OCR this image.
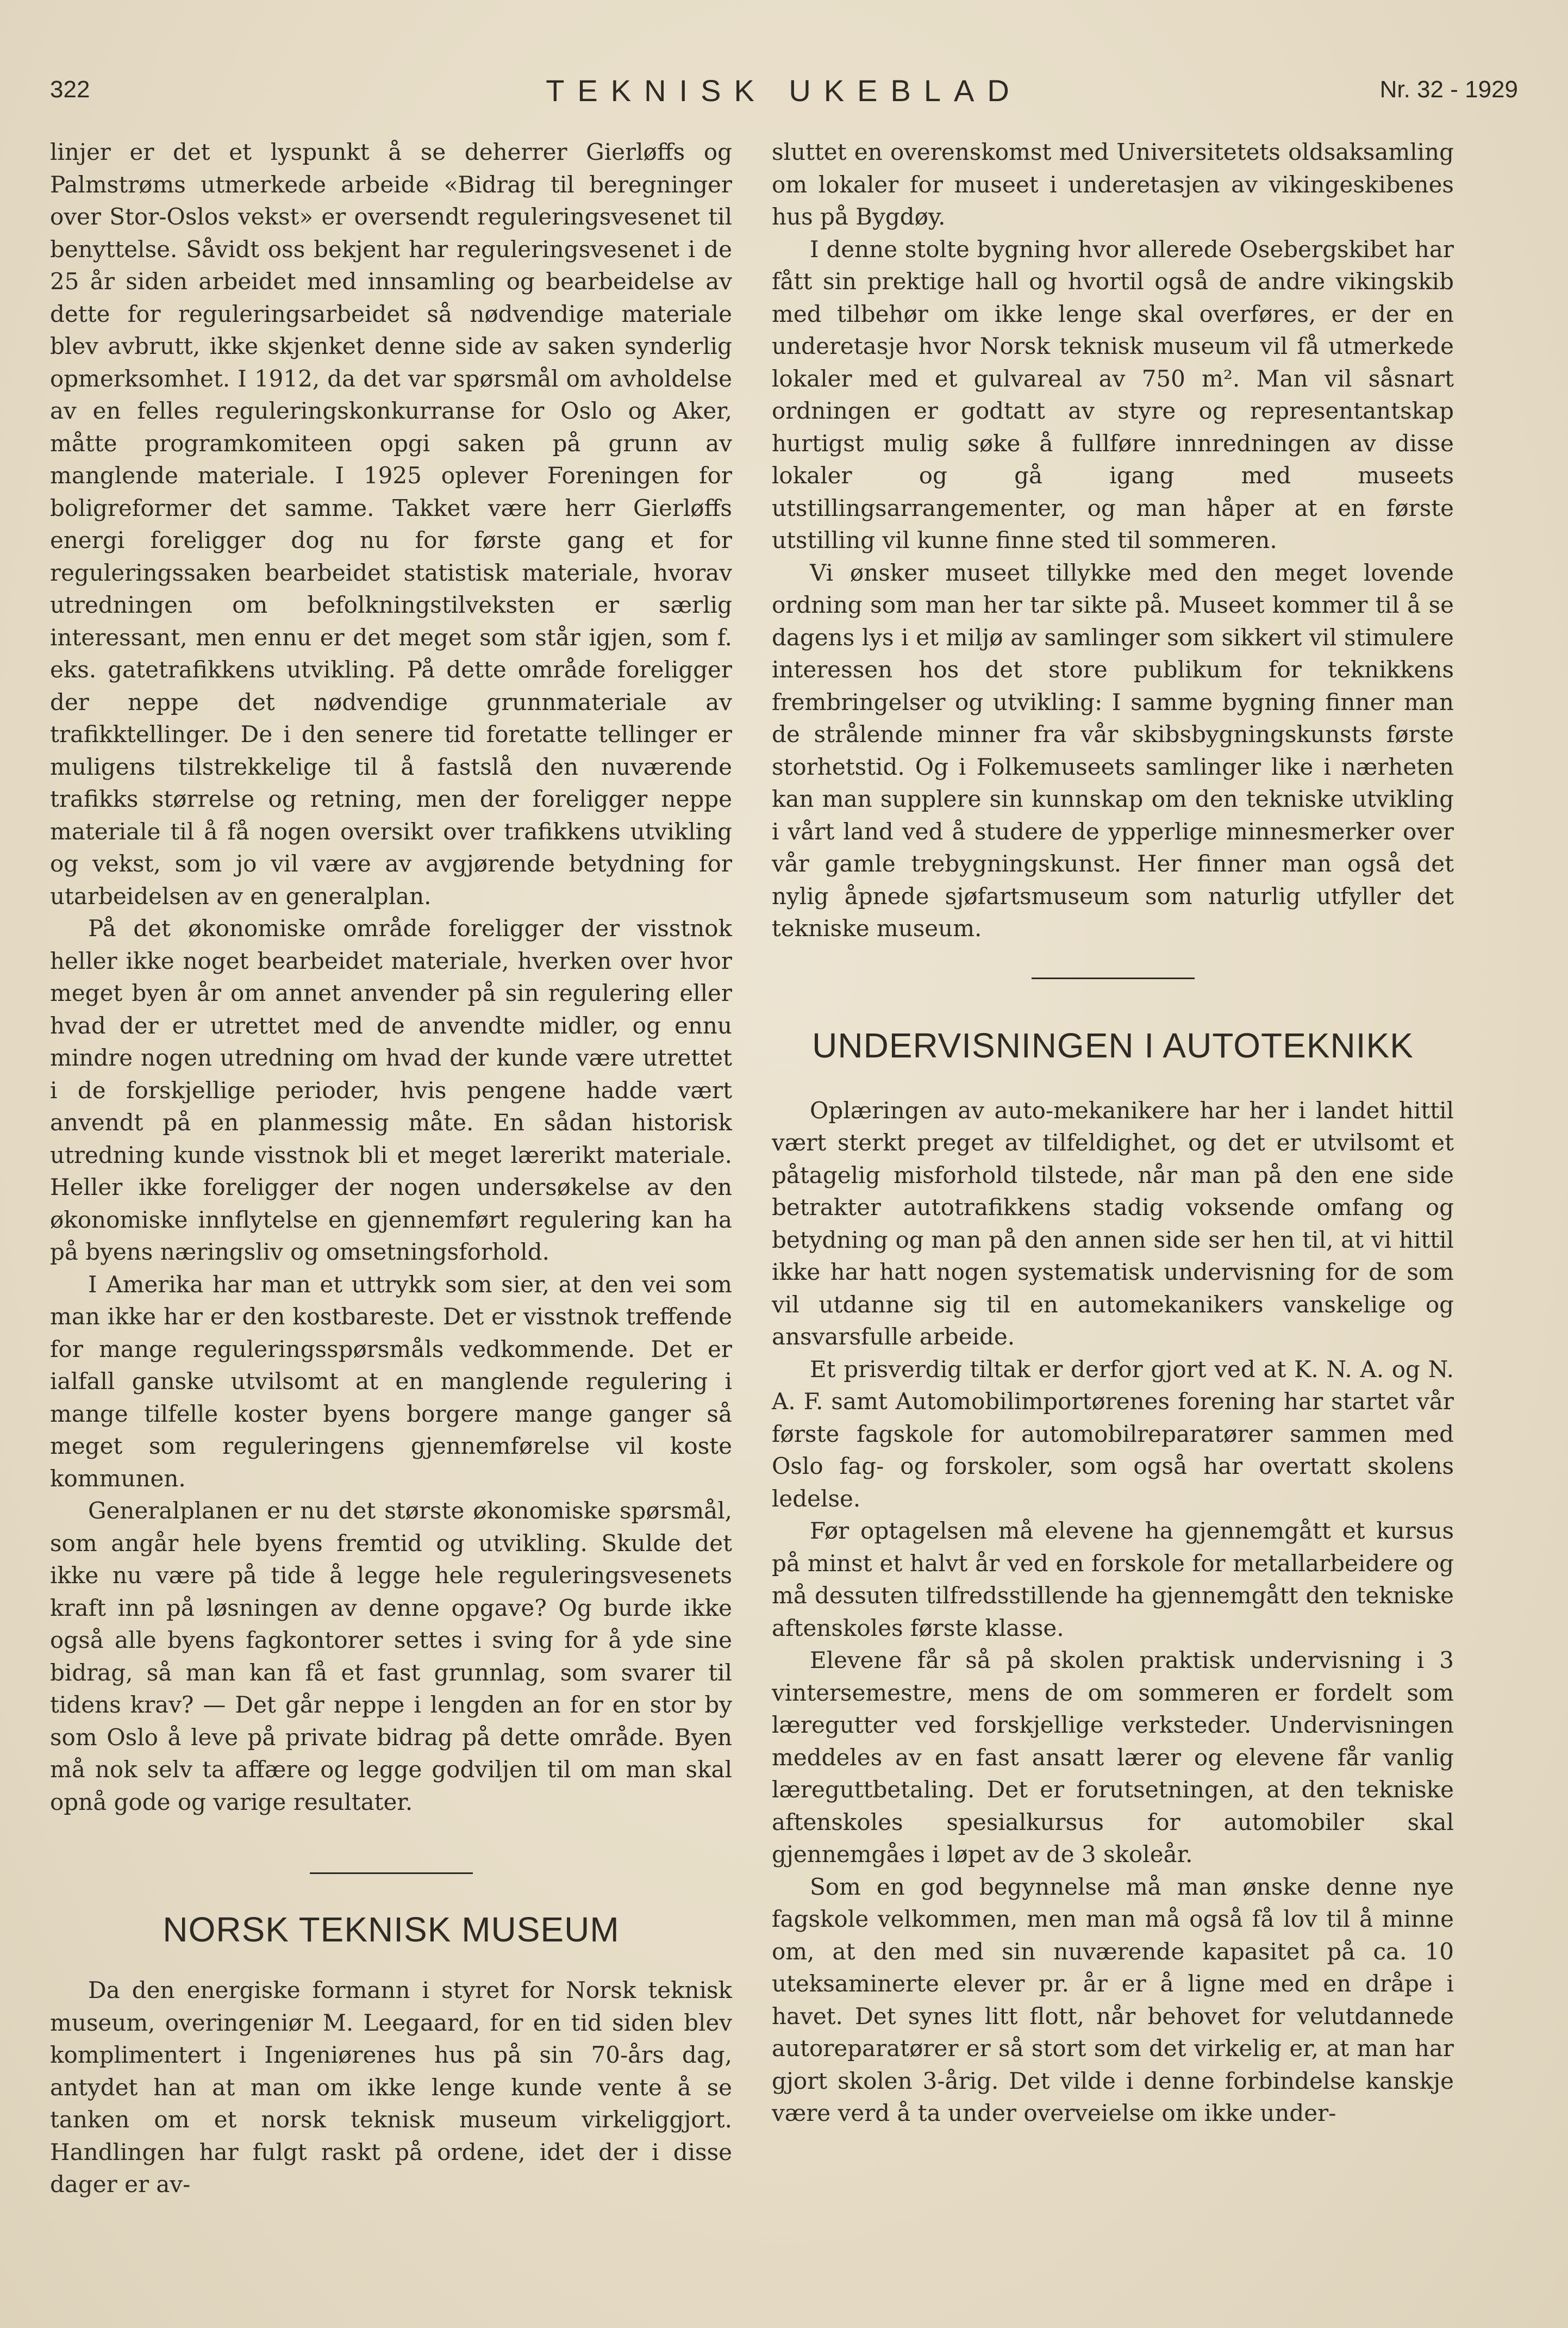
322	TEKNISK UKEBLAD	Nr. 32 - 1929

linjer er det et lyspunkt å se deherrer Gierløffs og Palmstrøms utmerkede arbeide «Bidrag til beregninger over Stor-Oslos vekst» er oversendt reguleringsvesenet til benyttelse. Såvidt oss bekjent har reguleringsvesenet i de 25 år siden arbeidet med innsamling og bearbeidelse av dette for reguleringsarbeidet så nødvendige materiale blev avbrutt, ikke skjenket denne side av saken synderlig opmerksomhet. I 1912, da det var spørsmål om avholdelse av en felles reguleringskonkurranse for Oslo og Aker, måtte programkomiteen opgi saken på grunn av manglende materiale. I 1925 oplever Foreningen for boligreformer det samme. Takket være herr Gierløffs energi foreligger dog nu for første gang et for reguleringssaken bearbeidet statistisk materiale, hvorav utredningen om befolkningstilveksten er særlig interessant, men ennu er det meget som står igjen, som f. eks. gatetrafikkens utvikling. På dette område foreligger der neppe det nødvendige grunnmateriale av trafikktellinger. De i den senere tid foretatte tellinger er muligens tilstrekkelige til å fastslå den nuværende trafikks størrelse og retning, men der foreligger neppe materiale til å få nogen oversikt over trafikkens utvikling og vekst, som jo vil være av avgjørende betydning for utarbeidelsen av en generalplan.

På det økonomiske område foreligger der visstnok heller ikke noget bearbeidet materiale, hverken over hvor meget byen år om annet anvender på sin regulering eller hvad der er utrettet med de anvendte midler, og ennu mindre nogen utredning om hvad der kunde være utrettet i de forskjellige perioder, hvis pengene hadde vært anvendt på en planmessig måte. En sådan historisk utredning kunde visstnok bli et meget lærerikt materiale. Heller ikke foreligger der nogen undersøkelse av den økonomiske innflytelse en gjennemført regulering kan ha på byens næringsliv og omsetningsforhold.

I Amerika har man et uttrykk som sier, at den vei som man ikke har er den kostbareste. Det er visstnok treffende for mange reguleringsspørsmåls vedkommende. Det er ialfall ganske utvilsomt at en manglende regulering i mange tilfelle koster byens borgere mange ganger så meget som reguleringens gjennemførelse vil koste kommunen.

Generalplanen er nu det største økonomiske spørsmål, som angår hele byens fremtid og utvikling. Skulde det ikke nu være på tide å legge hele reguleringsvesenets kraft inn på løsningen av denne opgave? Og burde ikke også alle byens fagkontorer settes i sving for å yde sine bidrag, så man kan få et fast grunnlag, som svarer til tidens krav? — Det går neppe i lengden an for en stor by som Oslo å leve på private bidrag på dette område. Byen må nok selv ta affære og legge godviljen til om man skal opnå gode og varige resultater.

NORSK TEKNISK MUSEUM

Da den energiske formann i styret for Norsk teknisk museum, overingeniør M. Leegaard, for en tid siden blev komplimentert i Ingeniørenes hus på sin 70-års dag, antydet han at man om ikke lenge kunde vente å se tanken om et norsk teknisk museum virkeliggjort. Handlingen har fulgt raskt på ordene, idet der i disse dager er av-

sluttet en overenskomst med Universitetets oldsaksamling om lokaler for museet i underetasjen av vikingeskibenes hus på Bygdøy.

I denne stolte bygning hvor allerede Osebergskibet har fått sin prektige hall og hvortil også de andre vikingskib med tilbehør om ikke lenge skal overføres, er der en underetasje hvor Norsk teknisk museum vil få utmerkede lokaler med et gulvareal av 750 m². Man vil såsnart ordningen er godtatt av styre og representantskap hurtigst mulig søke å fullføre innredningen av disse lokaler og gå igang med museets utstillingsarrangementer, og man håper at en første utstilling vil kunne finne sted til sommeren.

Vi ønsker museet tillykke med den meget lovende ordning som man her tar sikte på. Museet kommer til å se dagens lys i et miljø av samlinger som sikkert vil stimulere interessen hos det store publikum for teknikkens frembringelser og utvikling: I samme bygning finner man de strålende minner fra vår skibsbygningskunsts første storhetstid. Og i Folkemuseets samlinger like i nærheten kan man supplere sin kunnskap om den tekniske utvikling i vårt land ved å studere de ypperlige minnesmerker over vår gamle trebygningskunst. Her finner man også det nylig åpnede sjøfartsmuseum som naturlig utfyller det tekniske museum.

UNDERVISNINGEN I AUTOTEKNIKK

Oplæringen av auto-mekanikere har her i landet hittil vært sterkt preget av tilfeldighet, og det er utvilsomt et påtagelig misforhold tilstede, når man på den ene side betrakter autotrafikkens stadig voksende omfang og betydning og man på den annen side ser hen til, at vi hittil ikke har hatt nogen systematisk undervisning for de som vil utdanne sig til en automekanikers vanskelige og ansvarsfulle arbeide.

Et prisverdig tiltak er derfor gjort ved at K. N. A. og N. A. F. samt Automobilimportørenes forening har startet vår første fagskole for automobilreparatører sammen med Oslo fag- og forskoler, som også har overtatt skolens ledelse.

Før optagelsen må elevene ha gjennemgått et kursus på minst et halvt år ved en forskole for metallarbeidere og må dessuten tilfredsstillende ha gjennemgått den tekniske aftenskoles første klasse.

Elevene får så på skolen praktisk undervisning i 3 vintersemestre, mens de om sommeren er fordelt som læregutter ved forskjellige verksteder. Undervisningen meddeles av en fast ansatt lærer og elevene får vanlig læreguttbetaling. Det er forutsetningen, at den tekniske aftenskoles spesialkursus for automobiler skal gjennemgåes i løpet av de 3 skoleår.

Som en god begynnelse må man ønske denne nye fagskole velkommen, men man må også få lov til å minne om, at den med sin nuværende kapasitet på ca. 10 uteksaminerte elever pr. år er å ligne med en dråpe i havet. Det synes litt flott, når behovet for velutdannede autoreparatører er så stort som det virkelig er, at man har gjort skolen 3-årig. Det vilde i denne forbindelse kanskje være verd å ta under overveielse om ikke under-
